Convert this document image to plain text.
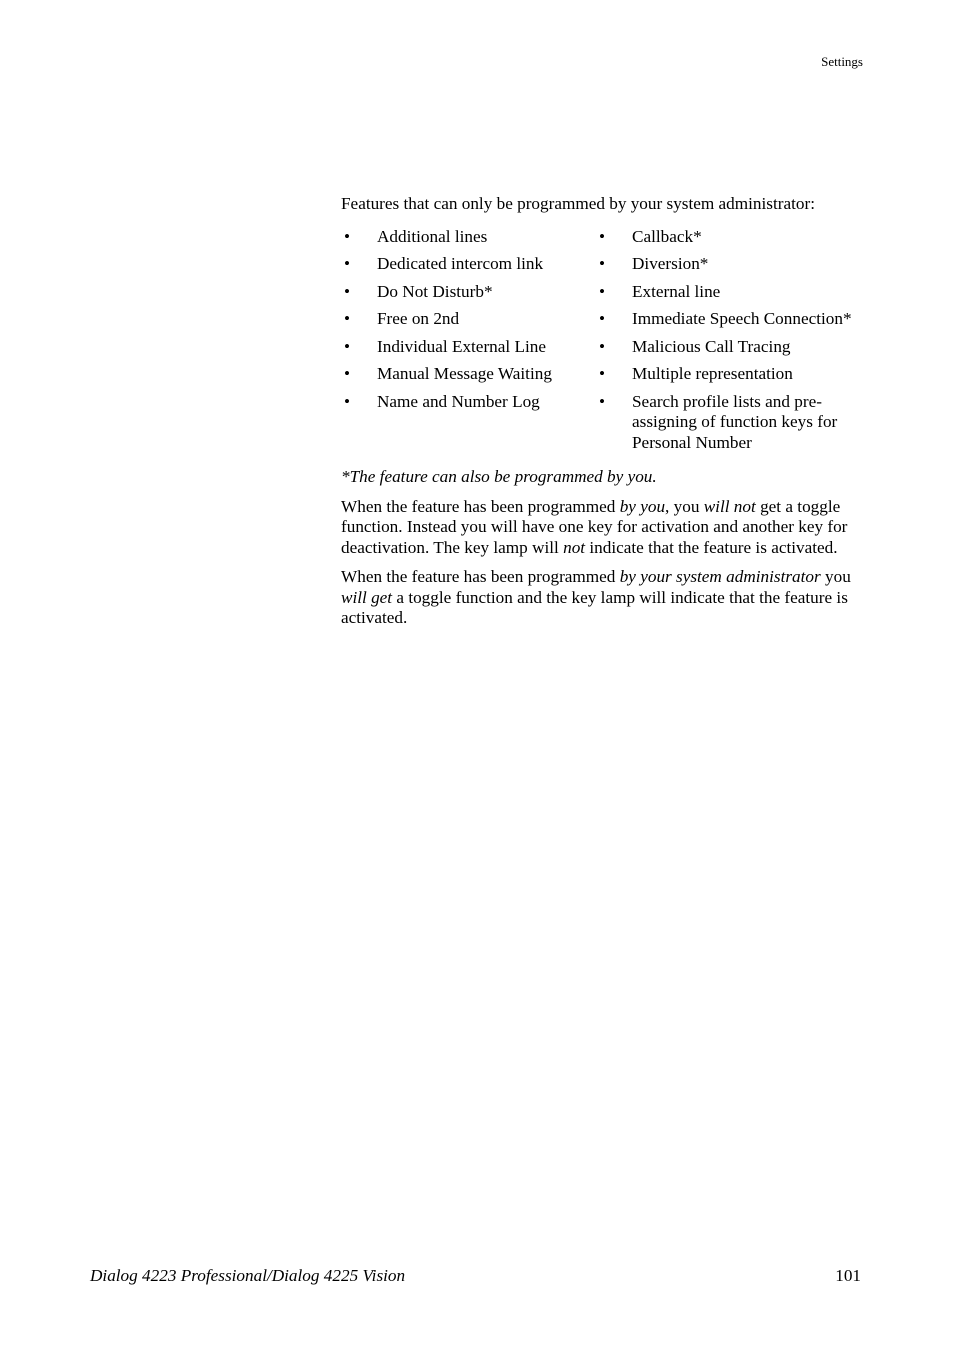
Settings

Features that can only be programmed by your system administrator:

• Additional lines	• Callback*
• Dedicated intercom link	• Diversion*
• Do Not Disturb*	• External line
• Free on 2nd	• Immediate Speech Connection*
• Individual External Line	• Malicious Call Tracing
• Manual Message Waiting	• Multiple representation
• Name and Number Log	• Search profile lists and pre-assigning of function keys for Personal Number

*The feature can also be programmed by you.

When the feature has been programmed by you, you will not get a toggle function. Instead you will have one key for activation and another key for deactivation. The key lamp will not indicate that the feature is activated.

When the feature has been programmed by your system administrator you will get a toggle function and the key lamp will indicate that the feature is activated.

Dialog 4223 Professional/Dialog 4225 Vision	101
